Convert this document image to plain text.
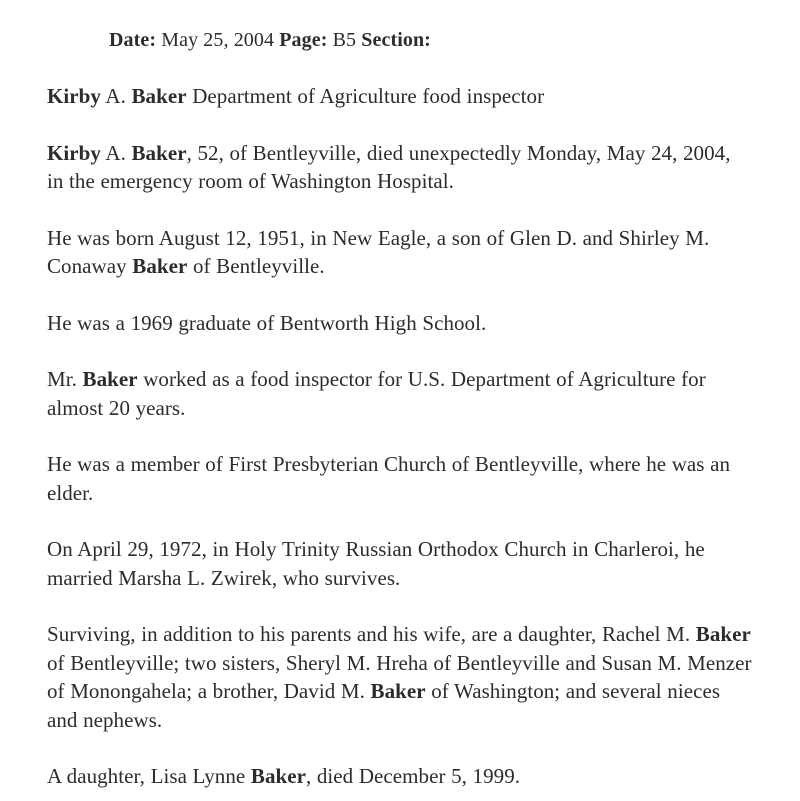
Date: May 25, 2004 Page: B5 Section:

Kirby A. Baker Department of Agriculture food inspector

Kirby A. Baker, 52, of Bentleyville, died unexpectedly Monday, May 24, 2004, in the emergency room of Washington Hospital.

He was born August 12, 1951, in New Eagle, a son of Glen D. and Shirley M. Conaway Baker of Bentleyville.

He was a 1969 graduate of Bentworth High School.

Mr. Baker worked as a food inspector for U.S. Department of Agriculture for almost 20 years.

He was a member of First Presbyterian Church of Bentleyville, where he was an elder.

On April 29, 1972, in Holy Trinity Russian Orthodox Church in Charleroi, he married Marsha L. Zwirek, who survives.

Surviving, in addition to his parents and his wife, are a daughter, Rachel M. Baker of Bentleyville; two sisters, Sheryl M. Hreha of Bentleyville and Susan M. Menzer of Monongahela; a brother, David M. Baker of Washington; and several nieces and nephews.

A daughter, Lisa Lynne Baker, died December 5, 1999.
